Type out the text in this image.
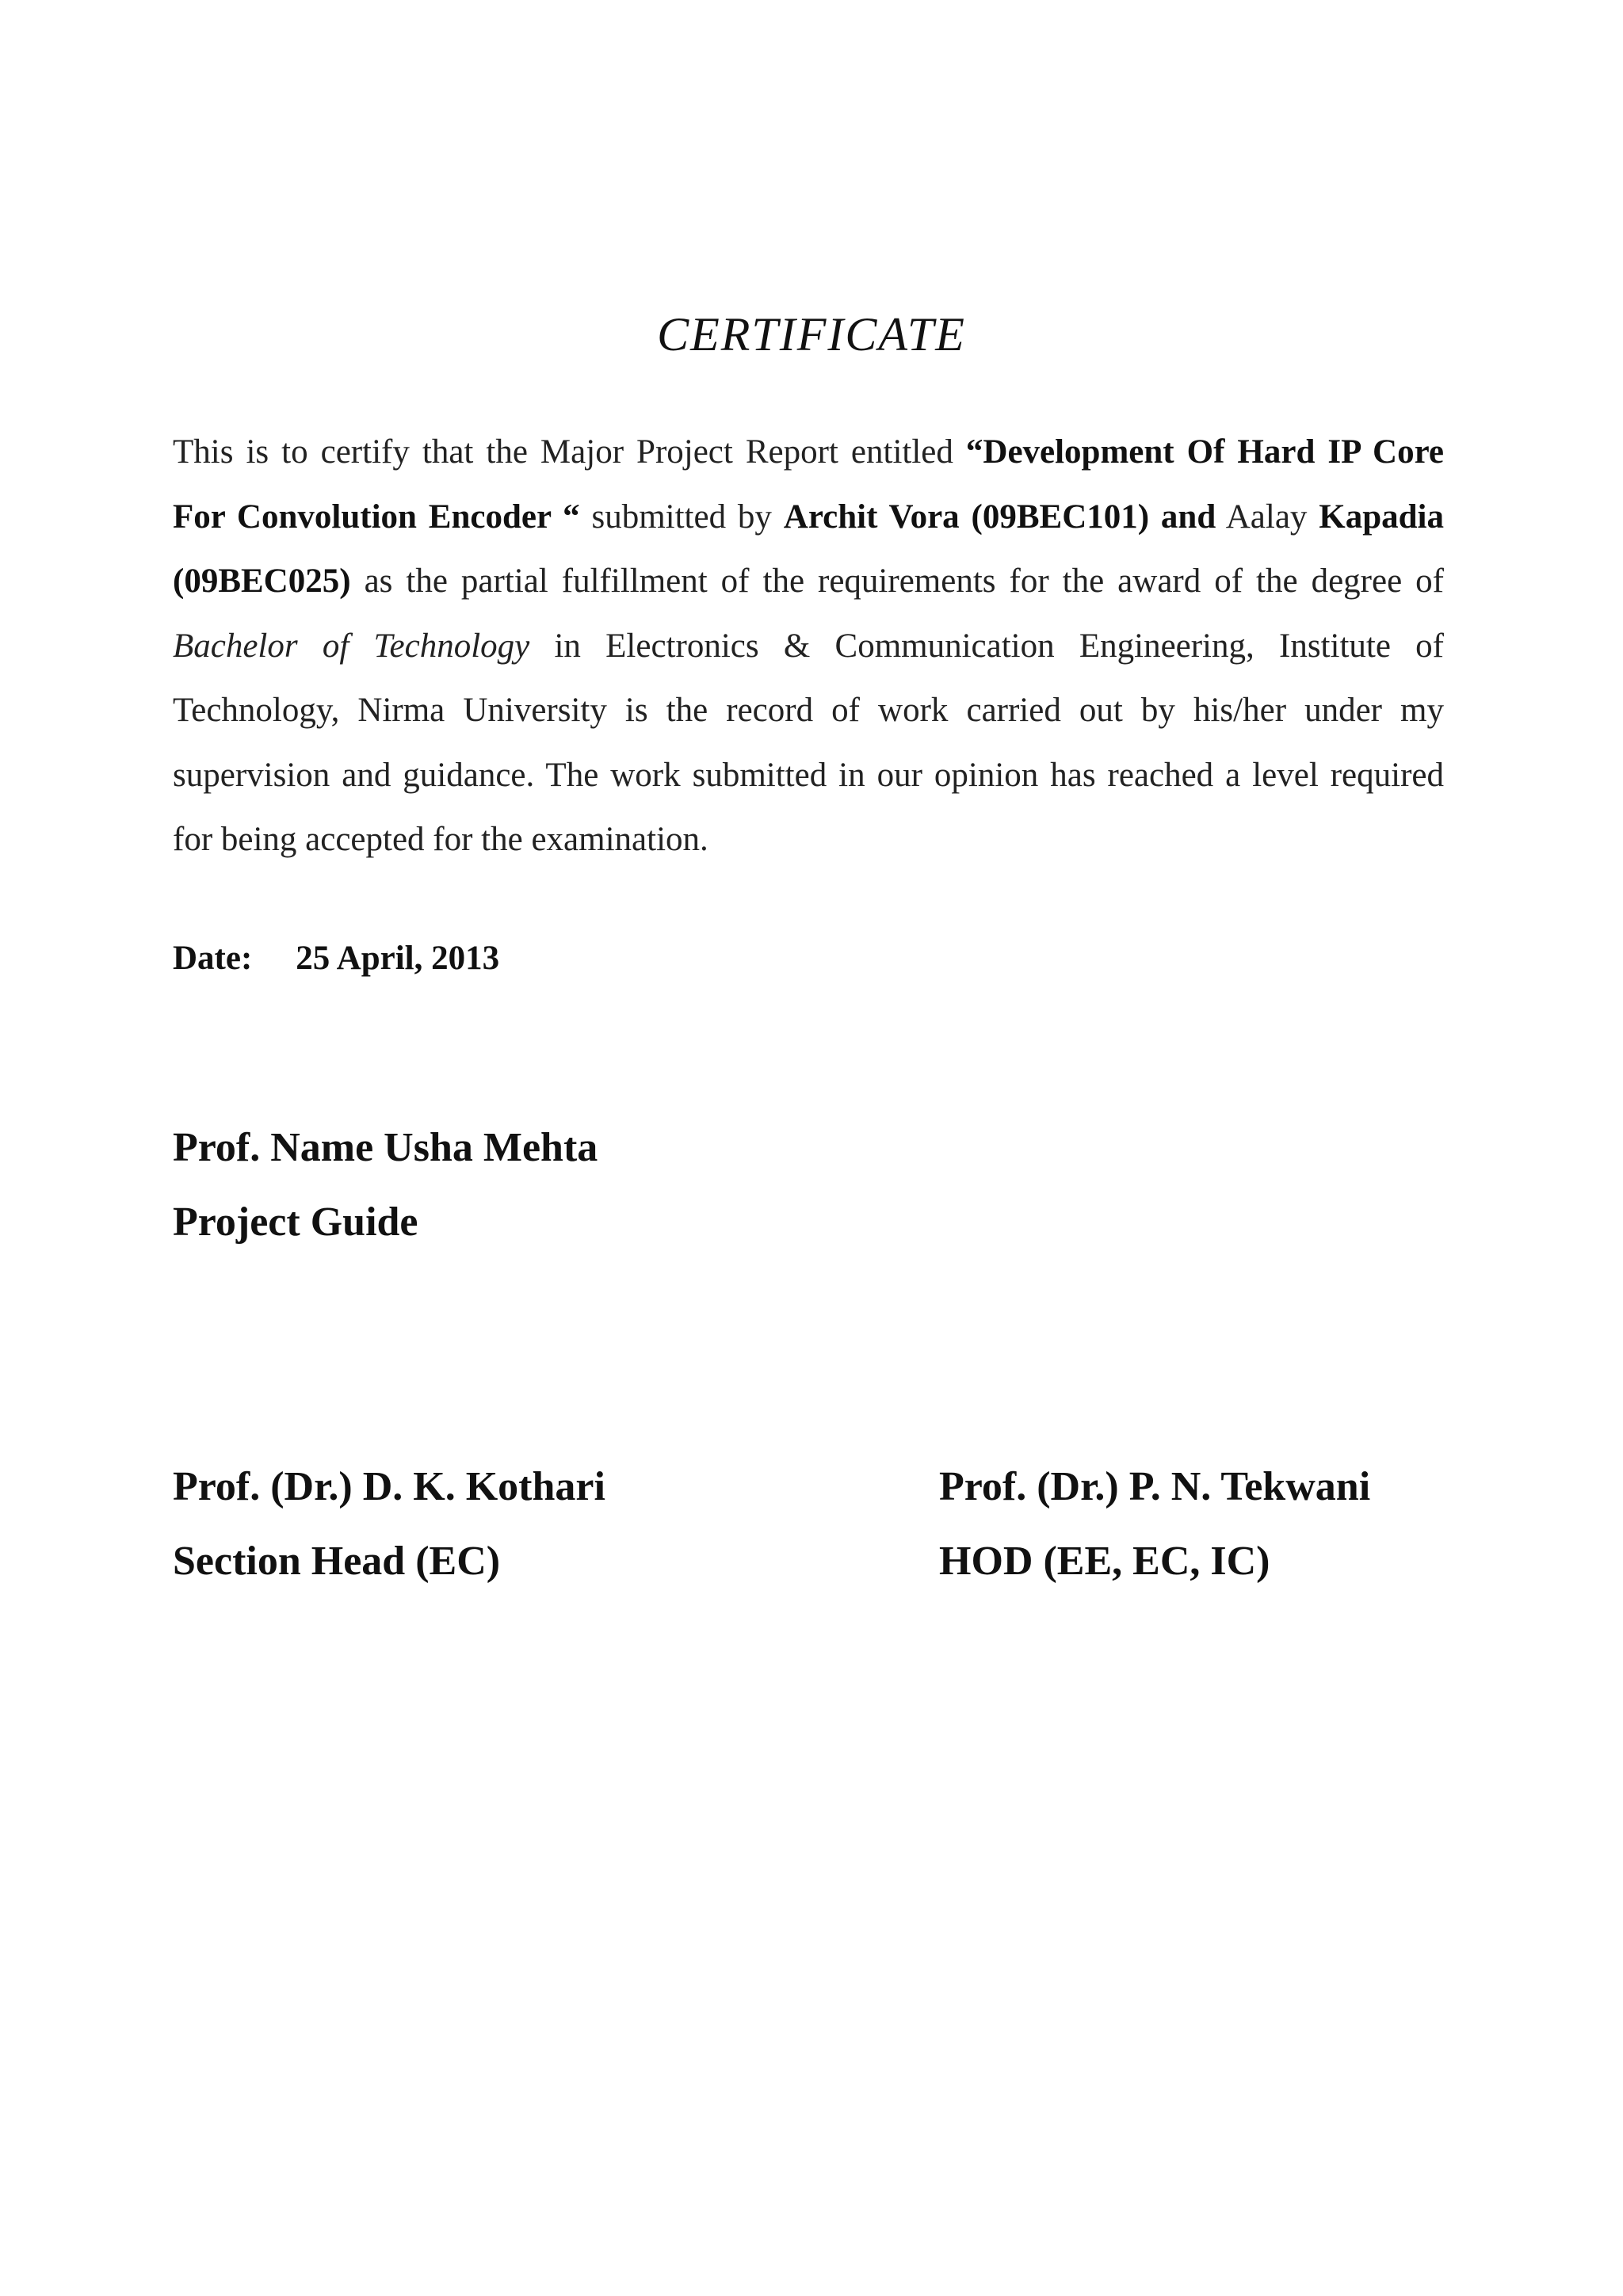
CERTIFICATE
This is to certify that the Major Project Report entitled “Development Of Hard IP Core For Convolution Encoder “ submitted by Archit Vora (09BEC101) and Aalay Kapadia (09BEC025) as the partial fulfillment of the requirements for the award of the degree of Bachelor of Technology in Electronics & Communication Engineering, Institute of Technology, Nirma University is the record of work carried out by his/her under my supervision and guidance. The work submitted in our opinion has reached a level required for being accepted for the examination.
Date: 25 April, 2013
Prof. Name Usha Mehta
Project Guide
Prof. (Dr.) D. K. Kothari
Section Head (EC)
Prof. (Dr.) P. N. Tekwani
HOD (EE, EC, IC)
